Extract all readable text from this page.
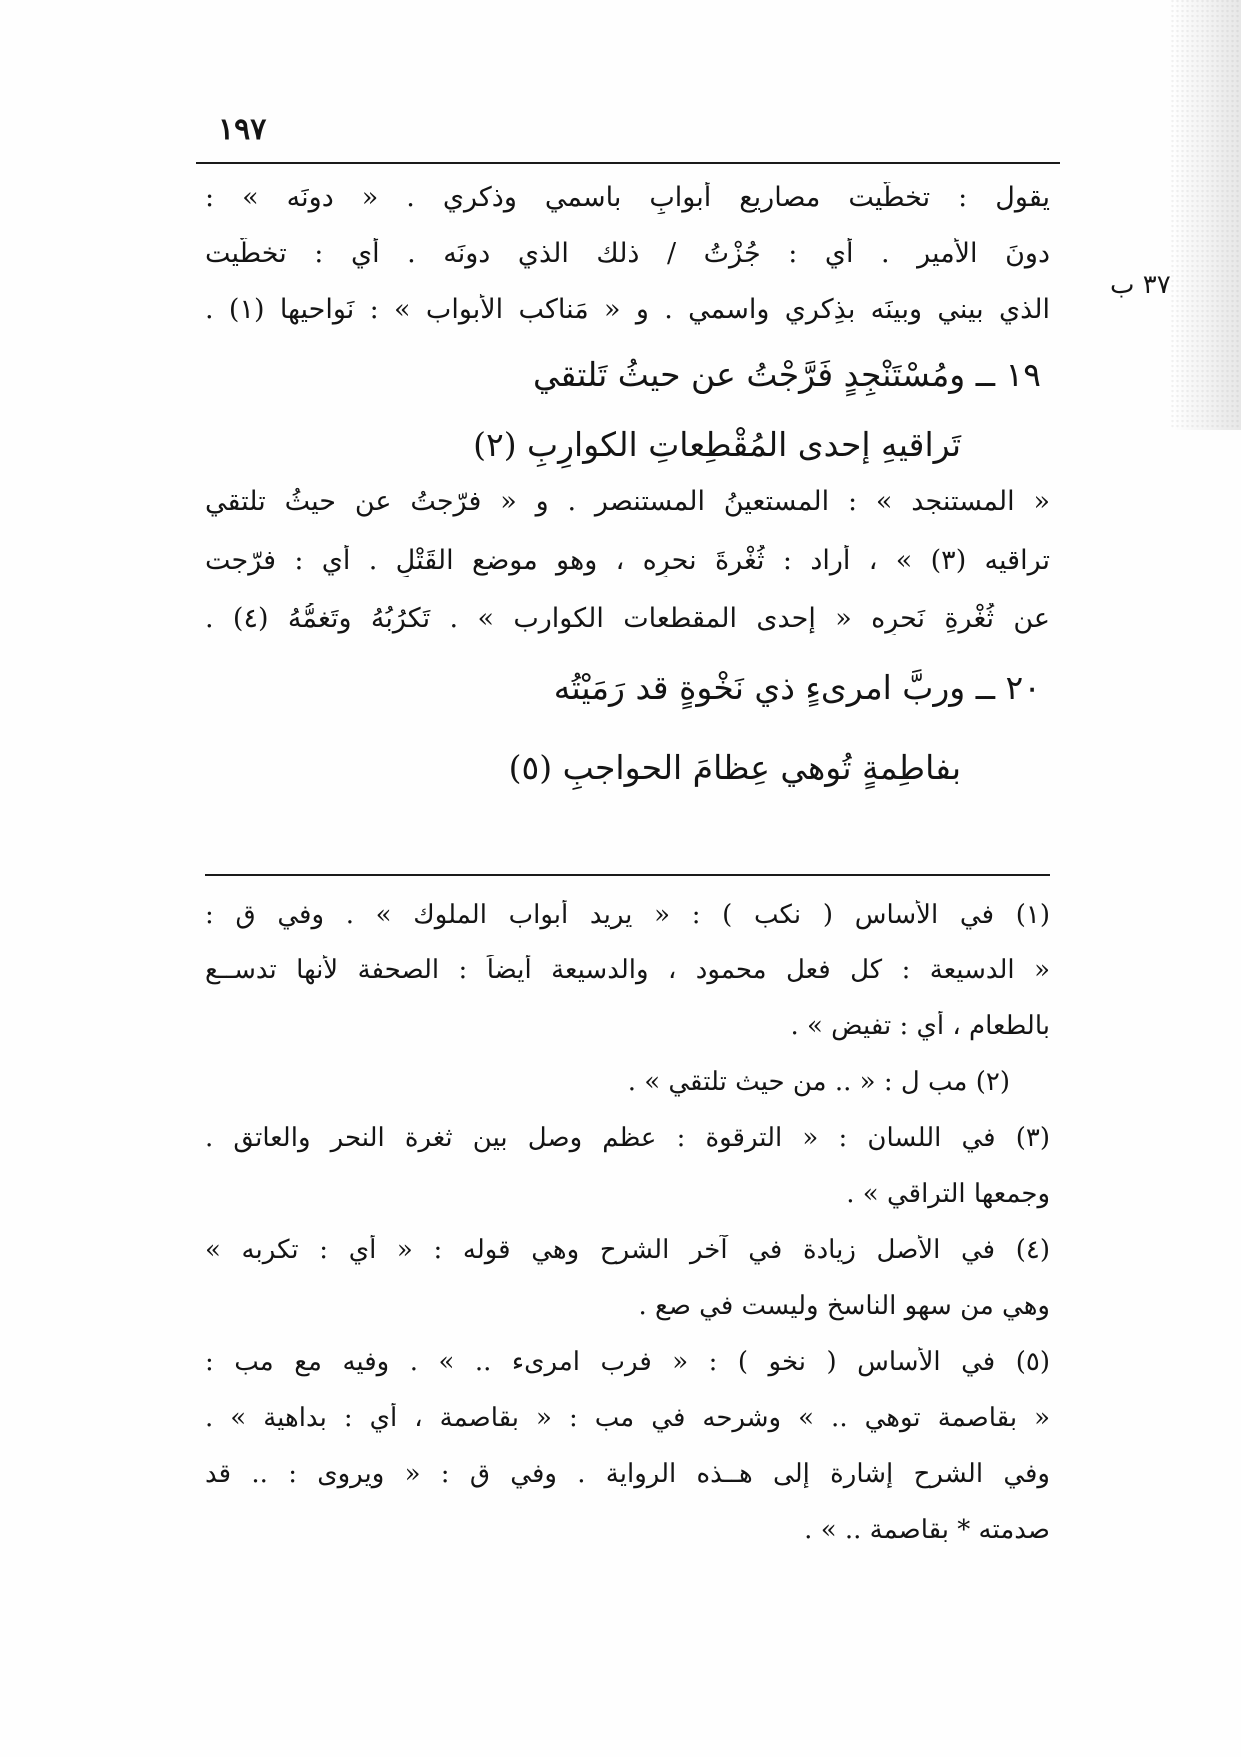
١٩٧
٣٧ ب
يقول : تخطّيت مصاريع أبوابٍ باسمي وذكري . « دونَه » :
دونَ الأمير . أي : جُزْتُ / ذلك الذي دونَه . أي : تخطّيت
الذي بيني وبينَه بذِكري واسمي . و « مَناكب الأبواب » : نَواحيها (١) .
١٩ ــ ومُسْتَنْجِدٍ فَرَّجْتُ عن حيثُ تَلتقي
تَراقيهِ إحدى المُقْطِعاتِ الكوارِبِ (٢)
« المستنجد » : المستعينُ المستنصر . و « فرّجتُ عن حيثُ تلتقي
تراقيه (٣) » ، أراد : ثُغْرةَ نحرِه ، وهو موضع القَتْلِ . أي : فرّجت
عن ثُغْرةِ نَحرِه « إحدى المقطعات الكوارب » . تَكرُبُهُ وتَغمُّهُ (٤) .
٢٠ ــ وربَّ امرىءٍ ذي نَخْوةٍ قد رَمَيْتُه
بفاطِمةٍ تُوهي عِظامَ الحواجبِ (٥)
(١) في الأساس ( نكب ) : « يريد أبواب الملوك » . وفي ق :
« الدسيعة : كل فعل محمود ، والدسيعة أيضاً : الصحفة لأنها تدســع
بالطعام ، أي : تفيض » .
(٢) مب ل : « .. من حيث تلتقي » .
(٣) في اللسان : « الترقوة : عظم وصل بين ثغرة النحر والعاتق .
وجمعها التراقي » .
(٤) في الأصل زيادة في آخر الشرح وهي قوله : « أي : تكربه »
وهي من سهو الناسخ وليست في صع .
(٥) في الأساس ( نخو ) : « فرب امرىء .. » . وفيه مع مب :
« بقاصمة توهي .. » وشرحه في مب : « بقاصمة ، أي : بداهية » .
وفي الشرح إشارة إلى هــذه الرواية . وفي ق : « ويروى : .. قد
صدمته * بقاصمة .. » .
